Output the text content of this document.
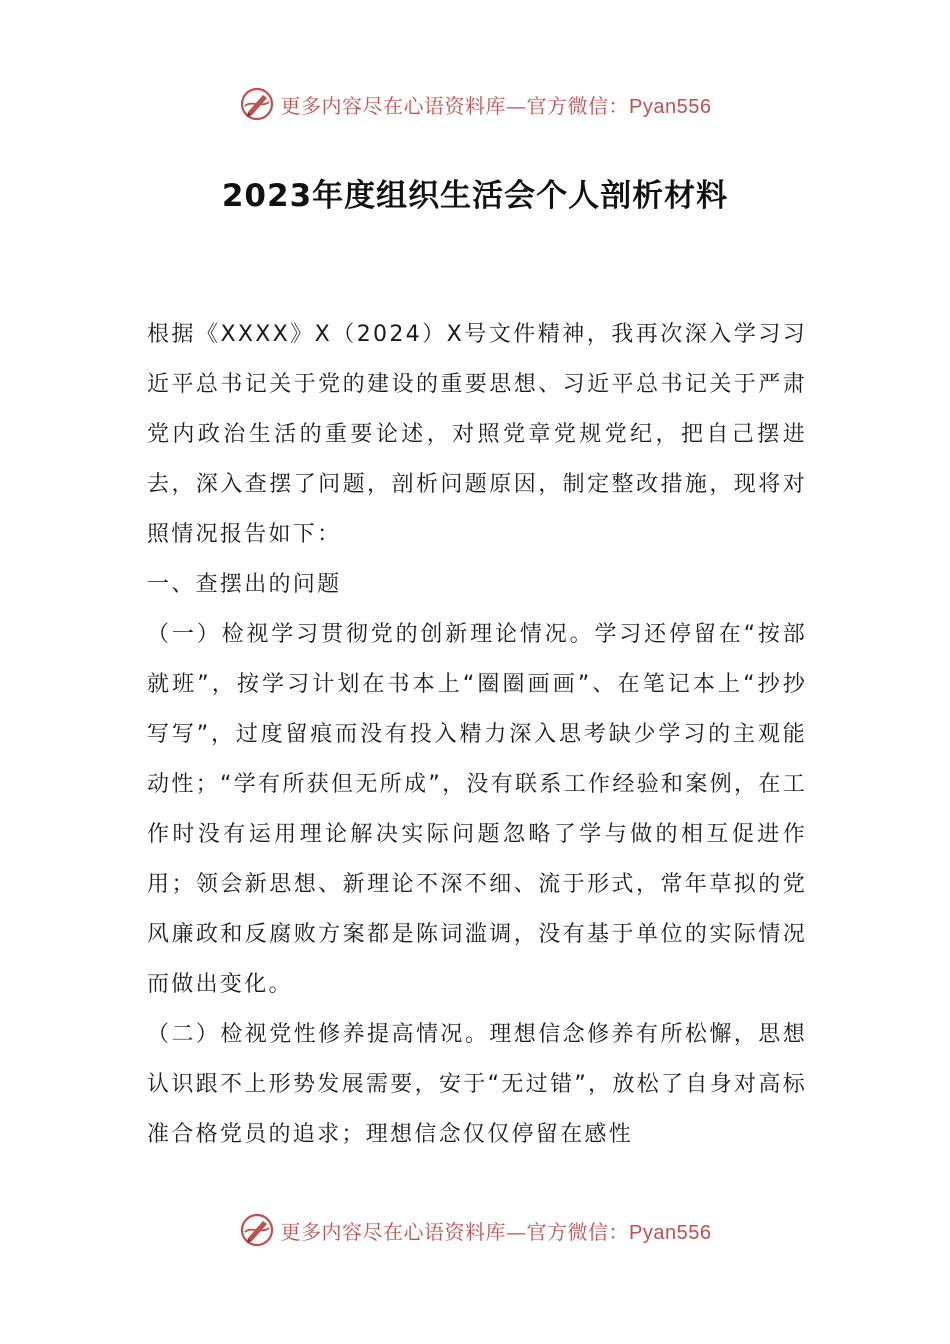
更多内容尽在心语资料库—官方微信：Pyan556
2023年度组织生活会个人剖析材料

根据《XXXX》X（2024）X号文件精神，我再次深入学习习近平总书记关于党的建设的重要思想、习近平总书记关于严肃党内政治生活的重要论述，对照党章党规党纪，把自己摆进去，深入查摆了问题，剖析问题原因，制定整改措施，现将对照情况报告如下：

一、查摆出的问题

（一）检视学习贯彻党的创新理论情况。学习还停留在“按部就班”，按学习计划在书本上“圈圈画画”、在笔记本上“抄抄写写”，过度留痕而没有投入精力深入思考缺少学习的主观能动性；“学有所获但无所成”，没有联系工作经验和案例，在工作时没有运用理论解决实际问题忽略了学与做的相互促进作用；领会新思想、新理论不深不细、流于形式，常年草拟的党风廉政和反腐败方案都是陈词滥调，没有基于单位的实际情况而做出变化。

（二）检视党性修养提高情况。理想信念修养有所松懈，思想认识跟不上形势发展需要，安于“无过错”，放松了自身对高标准合格党员的追求；理想信念仅仅停留在感性

更多内容尽在心语资料库—官方微信：Pyan556
